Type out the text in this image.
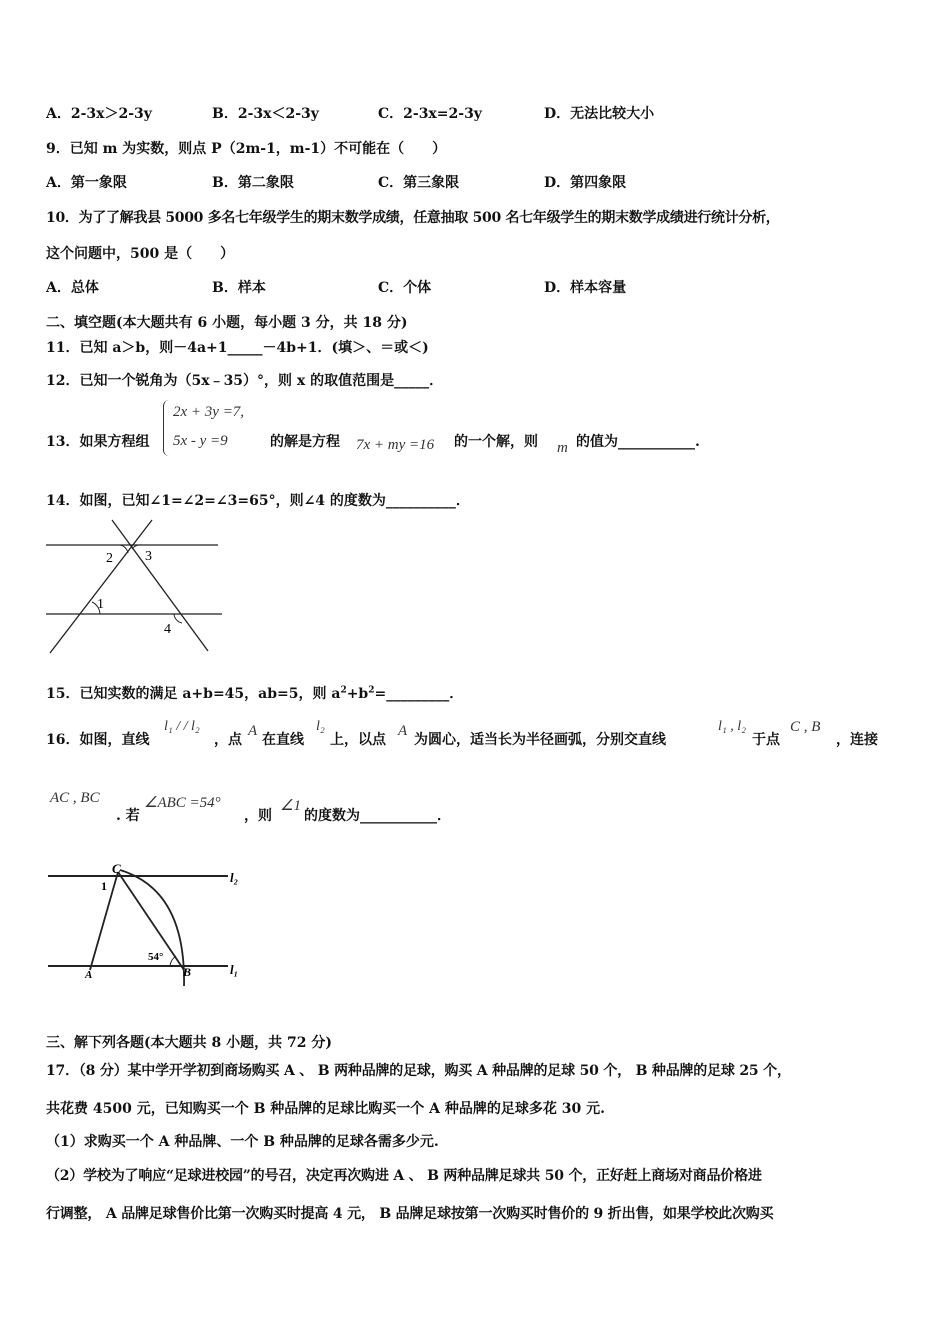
A．2-3x＞2-3y	B．2-3x＜2-3y	C．2-3x=2-3y	D．无法比较大小
9．已知 m 为实数，则点 P（2m-1，m-1）不可能在（　　）
A．第一象限	B．第二象限	C．第三象限	D．第四象限
10．为了了解我县 5000 多名七年级学生的期末数学成绩，任意抽取 500 名七年级学生的期末数学成绩进行统计分析，
这个问题中，500 是（　　）
A．总体	B．样本	C．个体	D．样本容量
二、填空题(本大题共有 6 小题，每小题 3 分，共 18 分)
11．已知 a＞b，则－4a+1_____－4b+1．(填＞、＝或＜)
12．已知一个锐角为（5x﹣35）°，则 x 的取值范围是_____．
13．如果方程组
2x + 3y =7,
5x - y =9	的解是方程 7x + my =16 的一个解，则 m 的值为___________.
14．如图，已知∠1=∠2=∠3=65°，则∠4 的度数为__________．
2 3
1
4
15．已知实数的满足 a+b=45，ab=5，则 $a^2+b^2=\_\_\_\_\_\_\_\_\_$．
16．如图，直线
l₁ / / l₂
，点
A
在直线
l₂
上，以点
A
为圆心，适当长为半径画弧，分别交直线
l₁ , l₂
于点
C , B
，连接
AC , BC
. 若
∠ABC =54°
，则
∠1
的度数为___________．
C
l₂
1
54°
A	B	l₁
三、解下列各题(本大题共 8 小题，共 72 分)
17．（8 分）某中学开学初到商场购买 A 、 B 两种品牌的足球，购买 A 种品牌的足球 50 个， B 种品牌的足球 25 个，
共花费 4500 元，已知购买一个 B 种品牌的足球比购买一个 A 种品牌的足球多花 30 元.
（1）求购买一个 A 种品牌、一个 B 种品牌的足球各需多少元.
（2）学校为了响应“足球进校园”的号召，决定再次购进 A 、 B 两种品牌足球共 50 个，正好赶上商场对商品价格进
行调整， A 品牌足球售价比第一次购买时提高 4 元， B 品牌足球按第一次购买时售价的 9 折出售，如果学校此次购买
